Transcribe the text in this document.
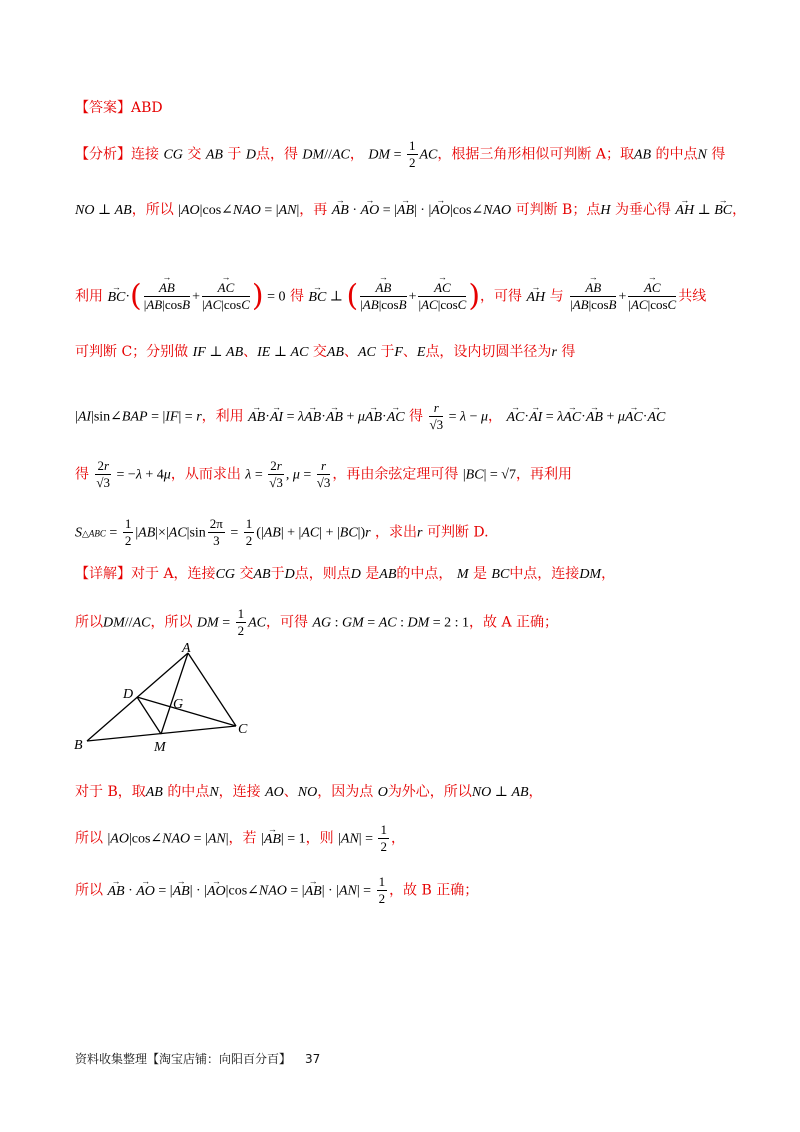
【答案】ABD
【分析】连接 CG 交 AB 于 D点，得 DM//AC， DM = $\frac{1}{2}$ AC，根据三角形相似可判断 A；取AB 的中点N 得
NO ⊥ AB，所以 |AO|cos∠NAO = |AN|，再 → AB · → AO = |→ AB| · |→ AO|cos∠NAO 可判断 B；点H 为垂心得 → AH ⊥ → BC，
利用 → BC·(
→ $\frac{AB}{|AB|\cos B}$ +
→ $\frac{AC}{|AC|\cos C}$ ) = 0 得 → BC ⊥ (
→ $\frac{AB}{|AB|\cos B}$ +
→ $\frac{AC}{|AC|\cos C}$ )，可得 → AH 与
→ $\frac{AB}{|AB|\cos B}$ +
→ $\frac{AC}{|AC|\cos C}$ 共线
可判断 C；分别做 IF ⊥ AB、IE ⊥ AC 交AB、AC 于F、E点，设内切圆半径为r 得
|AI|sin∠BAP = |IF| = r，利用 → AB·→ AI = λ→ AB·→ AB + μ→ AB·→ AC 得 $\frac{r}{√3} = \lambda - \mu$， → AC·→ AI = λ→ AC·→ AB + μ→ AC·→ AC
得 $\frac{2r}{√3} = -\lambda + 4\mu$，从而求出 $\lambda = \frac{2r}{√3}$ , $\mu = \frac{r}{√3}$ ，再由余弦定理可得 |BC| = √7，再利用
S△ABC = $\frac{1}{2} |AB|\times|AC|\sin \frac{2\pi}{3} = \frac{1}{2} (|AB| + |AC| + |BC|)r$ ，求出r 可判断 D.
【详解】对于 A，连接CG 交AB于D点，则点D 是AB的中点， M 是 BC中点，连接DM，
所以DM//AC，所以 DM = $\frac{1}{2}$ AC，可得 AG : GM = AC : DM = 2 : 1，故 A 正确；
A
B
C
D
G
M
对于 B，取AB 的中点N，连接 AO、NO，因为点 O为外心，所以NO ⊥ AB，
所以 |AO|cos∠NAO = |AN|，若 |→ AB| = 1，则 $|AN| = \frac{1}{2}$ ，
所以 → AB · → AO = |→ AB| · |→ AO|cos∠NAO = |→ $AB| \cdot |AN| = \frac{1}{2}$ ，故 B 正确；
资料收集整理【淘宝店铺：向阳百分百】 37
